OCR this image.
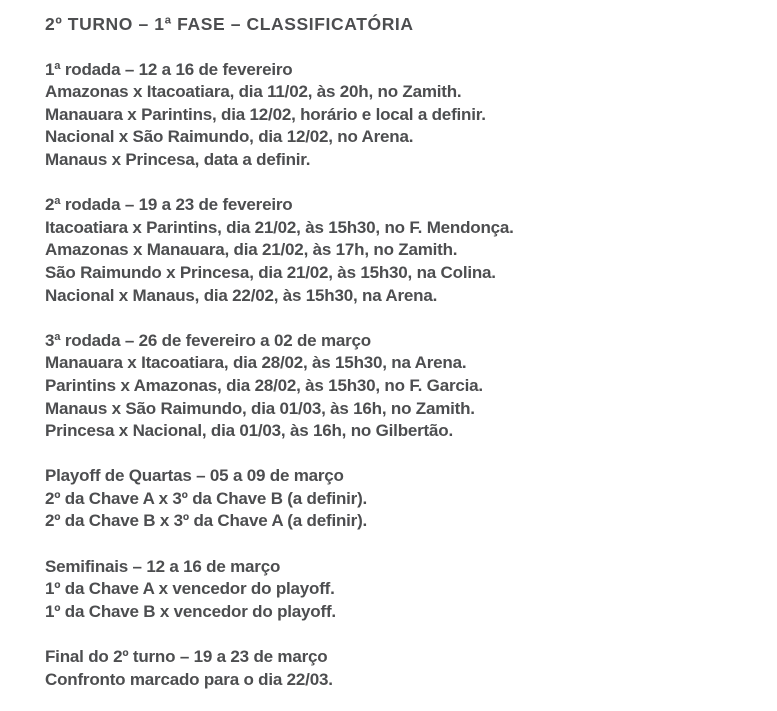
2º TURNO – 1ª FASE – CLASSIFICATÓRIA
1ª rodada – 12 a 16 de fevereiro
Amazonas x Itacoatiara, dia 11/02, às 20h, no Zamith.
Manauara x Parintins, dia 12/02, horário e local a definir.
Nacional x São Raimundo, dia 12/02, no Arena.
Manaus x Princesa, data a definir.
2ª rodada – 19 a 23 de fevereiro
Itacoatiara x Parintins, dia 21/02, às 15h30, no F. Mendonça.
Amazonas x Manauara, dia 21/02, às 17h, no Zamith.
São Raimundo x Princesa, dia 21/02, às 15h30, na Colina.
Nacional x Manaus, dia 22/02, às 15h30, na Arena.
3ª rodada – 26 de fevereiro a 02 de março
Manauara x Itacoatiara, dia 28/02, às 15h30, na Arena.
Parintins x Amazonas, dia 28/02, às 15h30, no F. Garcia.
Manaus x São Raimundo, dia 01/03, às 16h, no Zamith.
Princesa x Nacional, dia 01/03, às 16h, no Gilbertão.
Playoff de Quartas – 05 a 09 de março
2º da Chave A x 3º da Chave B (a definir).
2º da Chave B x 3º da Chave A (a definir).
Semifinais – 12 a 16 de março
1º da Chave A x vencedor do playoff.
1º da Chave B x vencedor do playoff.
Final do 2º turno – 19 a 23 de março
Confronto marcado para o dia 22/03.
